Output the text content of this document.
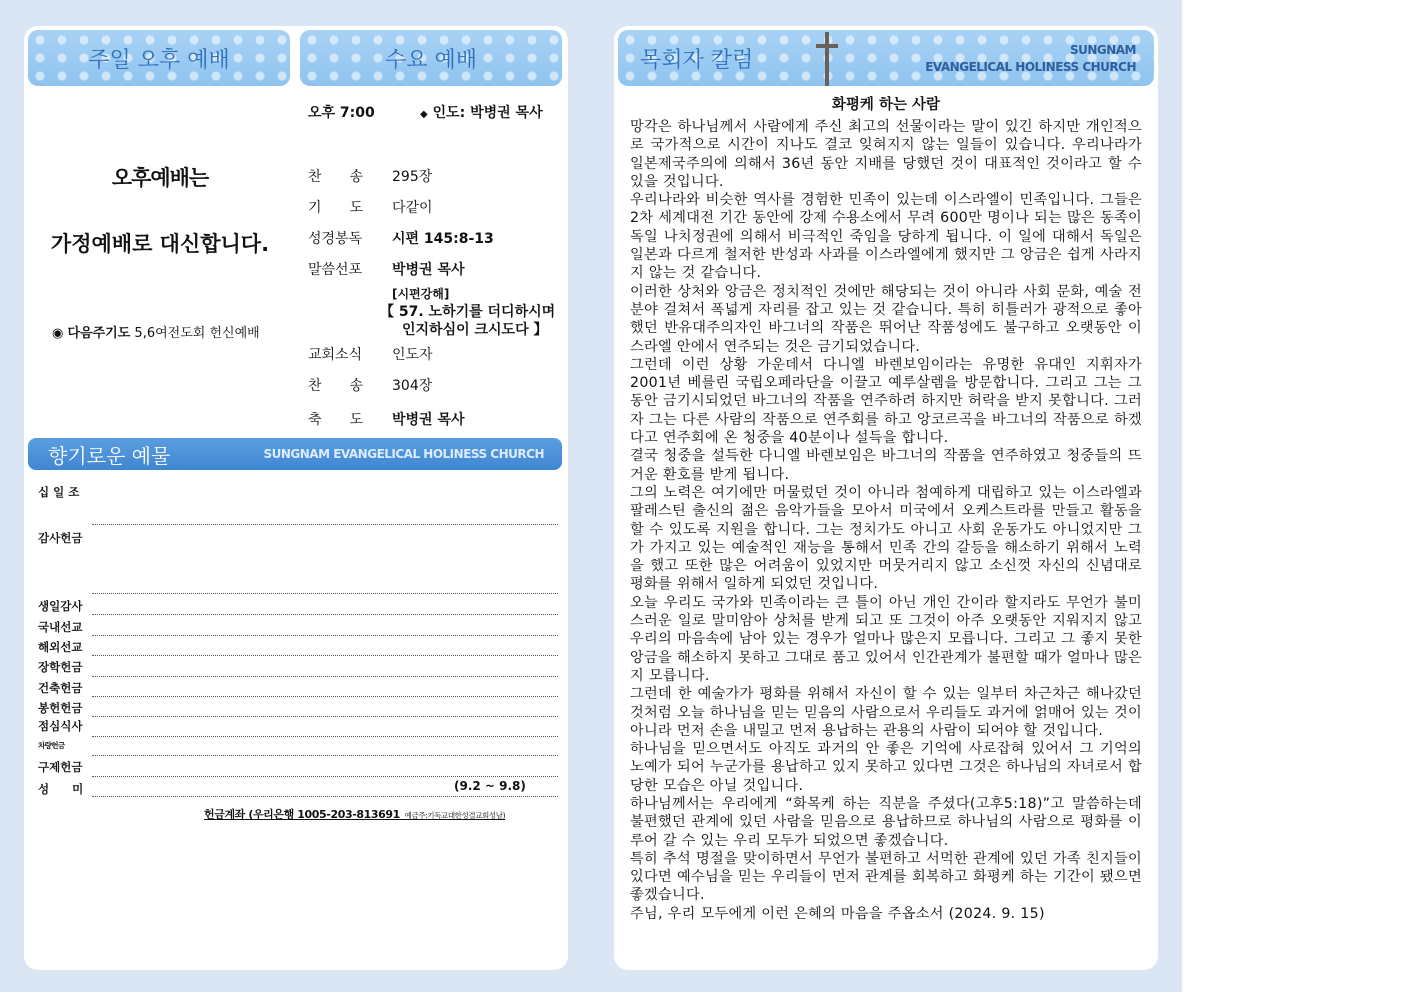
주일 오후 예배	수요 예배
오후예배는
가정예배로 대신합니다.
◉ 다음주기도 5,6여전도회 헌신예배
오후 7:00	◆ 인도: 박병권 목사
찬　　송	295장
기　　도	다같이
성경봉독	시편 145:8-13
말씀선포	박병권 목사
[시편강해]
【 57. 노하기를 더디하시며
인지하심이 크시도다 】
교회소식	인도자
찬　　송	304장
축　　도	박병권 목사
향기로운 예물	SUNGNAM EVANGELICAL HOLINESS CHURCH
십 일 조
감사헌금
생일감사
국내선교
해외선교
장학헌금
건축헌금
봉헌헌금
점심식사
차량헌금
구제헌금
성　　미	(9.2 ~ 9.8)
헌금계좌 (우리은행 1005-203-813691 예금주:기독교대한성결교회성남)
목회자 칼럼	SUNGNAM
EVANGELICAL HOLINESS CHURCH
화평케 하는 사람

망각은 하나님께서 사람에게 주신 최고의 선물이라는 말이 있긴 하지만 개인적으로 국가적으로 시간이 지나도 결코 잊혀지지 않는 일들이 있습니다. 우리나라가 일본제국주의에 의해서 36년 동안 지배를 당했던 것이 대표적인 것이라고 할 수 있을 것입니다.

우리나라와 비슷한 역사를 경험한 민족이 있는데 이스라엘이 민족입니다. 그들은 2차 세계대전 기간 동안에 강제 수용소에서 무려 600만 명이나 되는 많은 동족이 독일 나치정권에 의해서 비극적인 죽임을 당하게 됩니다. 이 일에 대해서 독일은 일본과 다르게 철저한 반성과 사과를 이스라엘에게 했지만 그 앙금은 쉽게 사라지지 않는 것 같습니다.

이러한 상처와 앙금은 정치적인 것에만 해당되는 것이 아니라 사회 문화, 예술 전 분야 걸쳐서 폭넓게 자리를 잡고 있는 것 같습니다. 특히 히틀러가 광적으로 좋아했던 반유대주의자인 바그너의 작품은 뛰어난 작품성에도 불구하고 오랫동안 이스라엘 안에서 연주되는 것은 금기되었습니다.

그런데 이런 상황 가운데서 다니엘 바렌보임이라는 유명한 유대인 지휘자가 2001년 베를린 국립오페라단을 이끌고 예루살렘을 방문합니다. 그리고 그는 그동안 금기시되었던 바그너의 작품을 연주하려 하지만 허락을 받지 못합니다. 그러자 그는 다른 사람의 작품으로 연주회를 하고 앙코르곡을 바그너의 작품으로 하겠다고 연주회에 온 청중을 40분이나 설득을 합니다.

결국 청중을 설득한 다니엘 바렌보임은 바그너의 작품을 연주하였고 청중들의 뜨거운 환호를 받게 됩니다.

그의 노력은 여기에만 머물렀던 것이 아니라 첨예하게 대립하고 있는 이스라엘과 팔레스틴 출신의 젊은 음악가들을 모아서 미국에서 오케스트라를 만들고 활동을 할 수 있도록 지원을 합니다. 그는 정치가도 아니고 사회 운동가도 아니었지만 그가 가지고 있는 예술적인 재능을 통해서 민족 간의 갈등을 해소하기 위해서 노력을 했고 또한 많은 어려움이 있었지만 머뭇거리지 않고 소신껏 자신의 신념대로 평화를 위해서 일하게 되었던 것입니다.

오늘 우리도 국가와 민족이라는 큰 틀이 아닌 개인 간이라 할지라도 무언가 불미스러운 일로 말미암아 상처를 받게 되고 또 그것이 아주 오랫동안 지워지지 않고 우리의 마음속에 남아 있는 경우가 얼마나 많은지 모릅니다. 그리고 그 좋지 못한 앙금을 해소하지 못하고 그대로 품고 있어서 인간관계가 불편할 때가 얼마나 많은지 모릅니다.

그런데 한 예술가가 평화를 위해서 자신이 할 수 있는 일부터 차근차근 해나갔던 것처럼 오늘 하나님을 믿는 믿음의 사람으로서 우리들도 과거에 얽매어 있는 것이 아니라 먼저 손을 내밀고 먼저 용납하는 관용의 사람이 되어야 할 것입니다.

하나님을 믿으면서도 아직도 과거의 안 좋은 기억에 사로잡혀 있어서 그 기억의 노예가 되어 누군가를 용납하고 있지 못하고 있다면 그것은 하나님의 자녀로서 합당한 모습은 아닐 것입니다.

하나님께서는 우리에게 “화목케 하는 직분을 주셨다(고후5:18)”고 말씀하는데 불편했던 관계에 있던 사람을 믿음으로 용납하므로 하나님의 사람으로 평화를 이루어 갈 수 있는 우리 모두가 되었으면 좋겠습니다.

특히 추석 명절을 맞이하면서 무언가 불편하고 서먹한 관계에 있던 가족 친지들이 있다면 예수님을 믿는 우리들이 먼저 관계를 회복하고 화평케 하는 기간이 됐으면 좋겠습니다.

주님, 우리 모두에게 이런 은혜의 마음을 주옵소서 (2024. 9. 15)
